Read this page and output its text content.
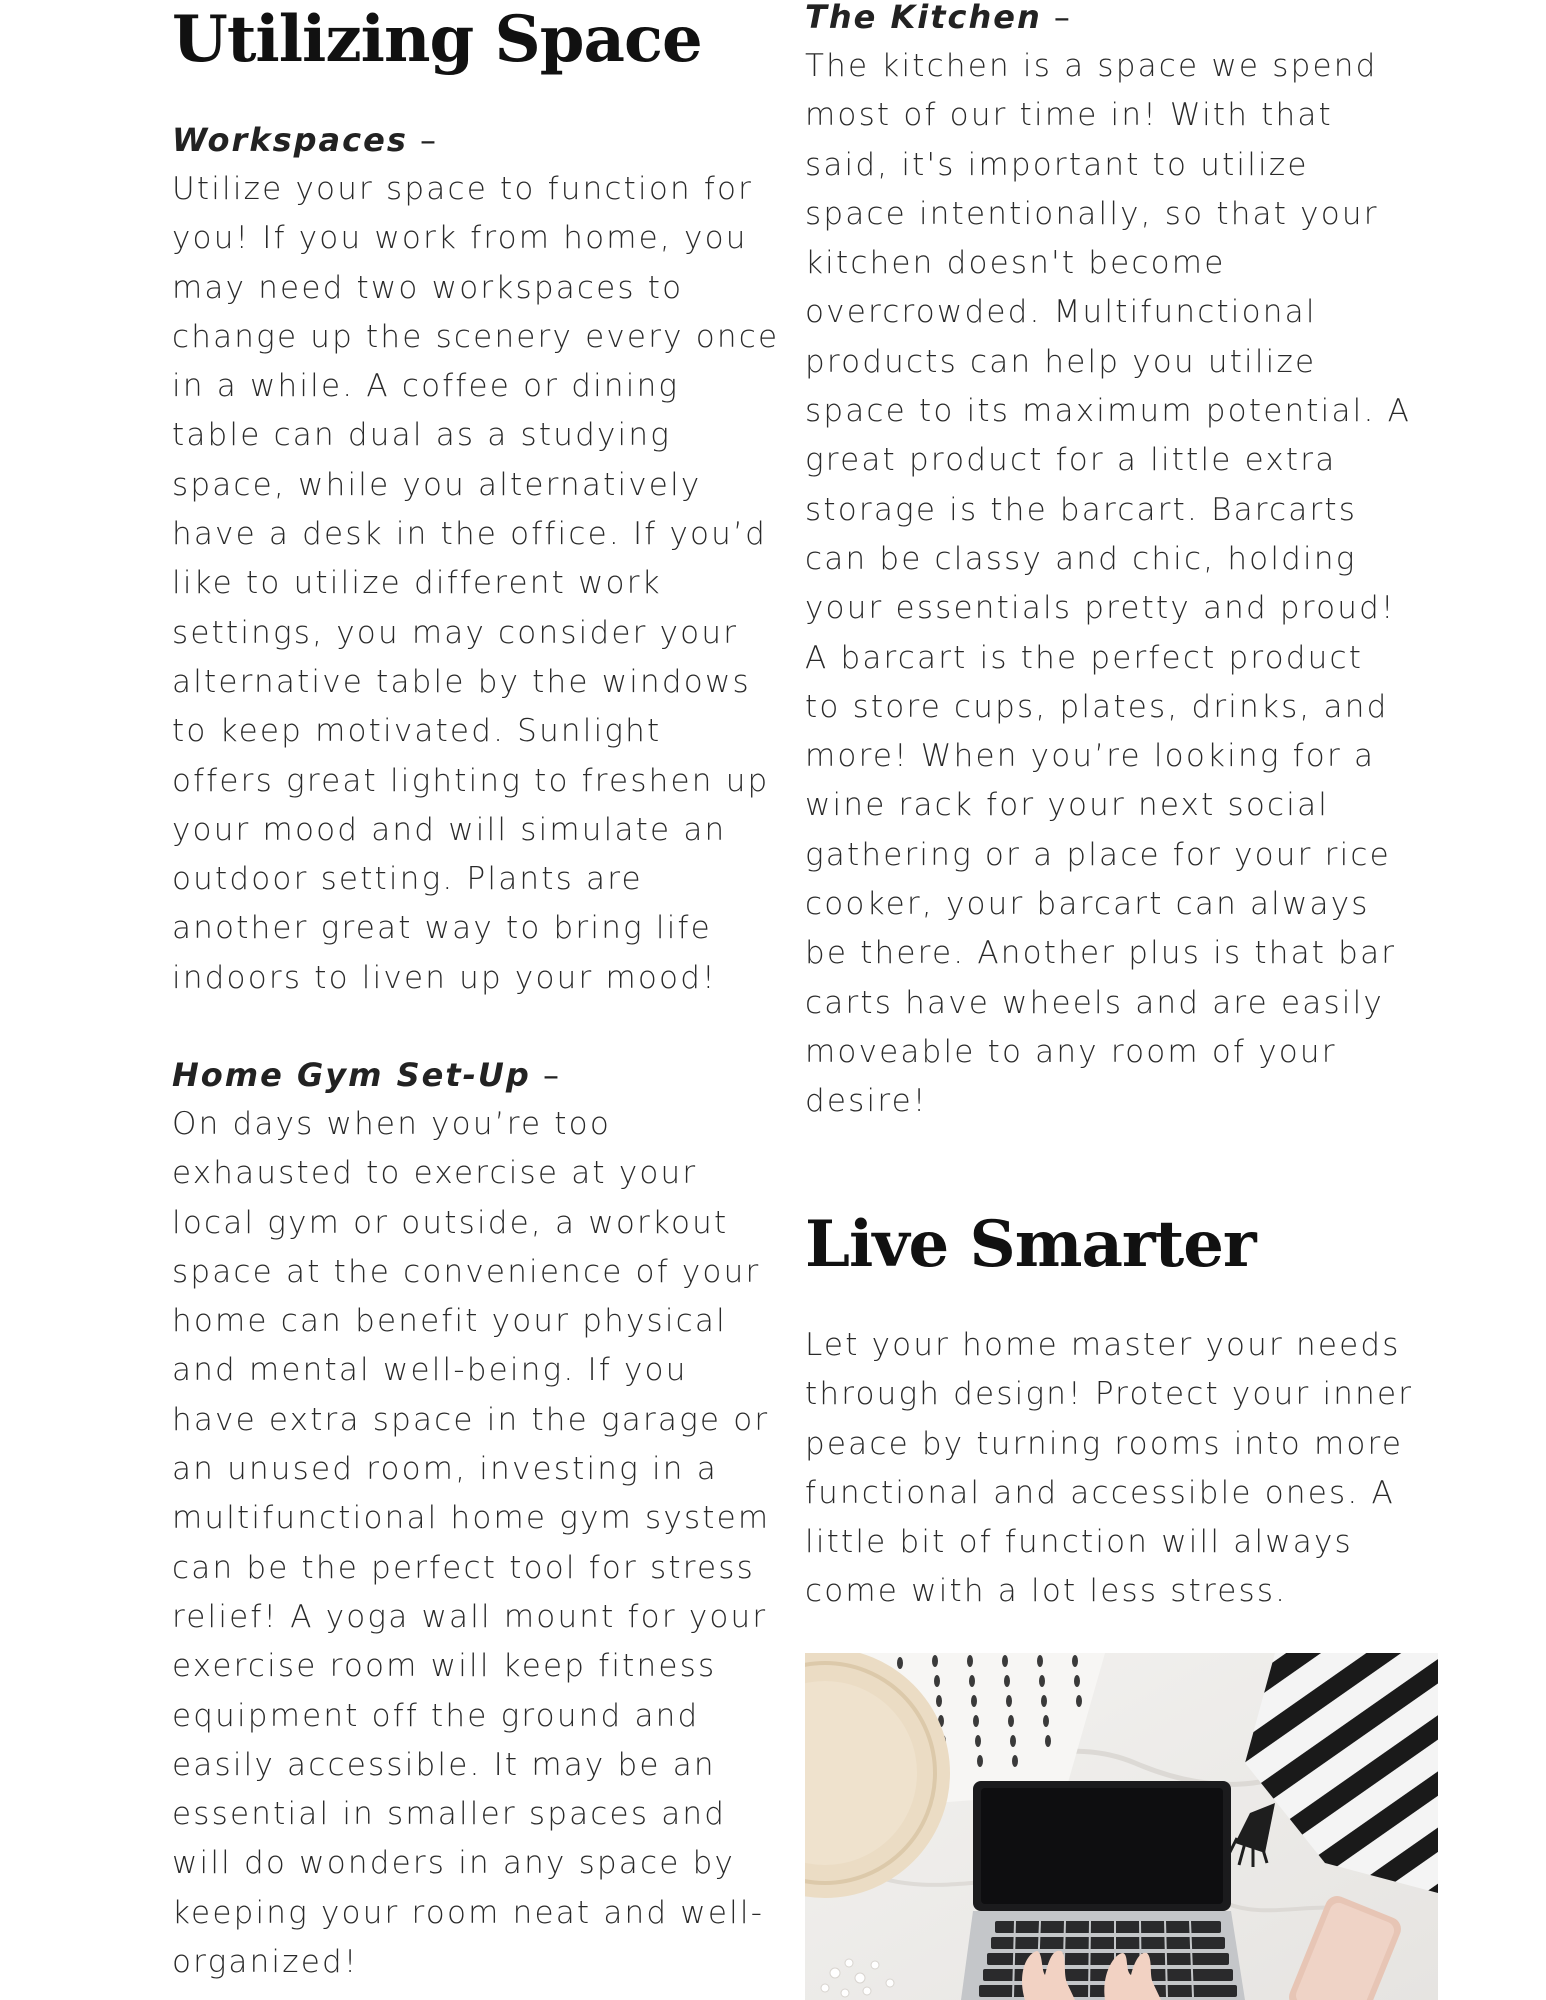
Utilizing Space

Workspaces –

Utilize your space to function for
you! If you work from home, you
may need two workspaces to
change up the scenery every once
in a while. A coffee or dining
table can dual as a studying
space, while you alternatively
have a desk in the office. If you’d
like to utilize different work
settings, you may consider your
alternative table by the windows
to keep motivated. Sunlight
offers great lighting to freshen up
your mood and will simulate an
outdoor setting. Plants are
another great way to bring life
indoors to liven up your mood!

Home Gym Set-Up –

On days when you’re too
exhausted to exercise at your
local gym or outside, a workout
space at the convenience of your
home can benefit your physical
and mental well-being. If you
have extra space in the garage or
an unused room, investing in a
multifunctional home gym system
can be the perfect tool for stress
relief! A yoga wall mount for your
exercise room will keep fitness
equipment off the ground and
easily accessible. It may be an
essential in smaller spaces and
will do wonders in any space by
keeping your room neat and well-
organized!

The Kitchen –

The kitchen is a space we spend
most of our time in! With that
said, it's important to utilize
space intentionally, so that your
kitchen doesn't become
overcrowded. Multifunctional
products can help you utilize
space to its maximum potential. A
great product for a little extra
storage is the barcart. Barcarts
can be classy and chic, holding
your essentials pretty and proud!
A barcart is the perfect product
to store cups, plates, drinks, and
more! When you’re looking for a
wine rack for your next social
gathering or a place for your rice
cooker, your barcart can always
be there. Another plus is that bar
carts have wheels and are easily
moveable to any room of your
desire!

Live Smarter

Let your home master your needs
through design! Protect your inner
peace by turning rooms into more
functional and accessible ones. A
little bit of function will always
come with a lot less stress.
